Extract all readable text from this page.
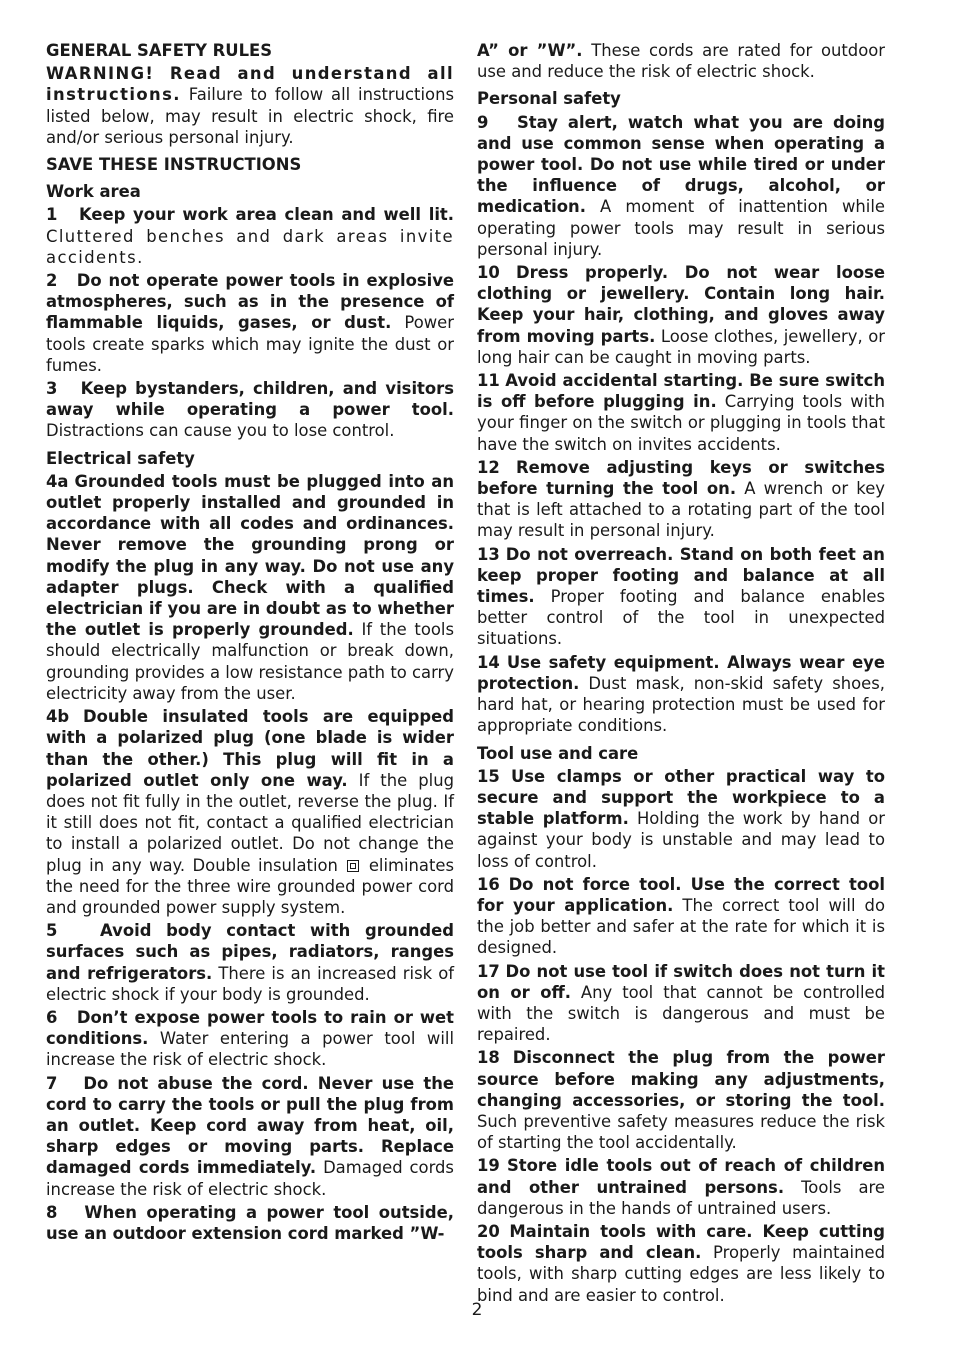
GENERAL SAFETY RULES
WARNING! Read and understand all instructions. Failure to follow all instructions listed below, may result in electric shock, fire and/or serious personal injury.
SAVE THESE INSTRUCTIONS
Work area
1 Keep your work area clean and well lit. Cluttered benches and dark areas invite accidents.
2 Do not operate power tools in explosive atmospheres, such as in the presence of flammable liquids, gases, or dust. Power tools create sparks which may ignite the dust or fumes.
3 Keep bystanders, children, and visitors away while operating a power tool. Distractions can cause you to lose control.
Electrical safety
4a Grounded tools must be plugged into an outlet properly installed and grounded in accordance with all codes and ordinances. Never remove the grounding prong or modify the plug in any way. Do not use any adapter plugs. Check with a qualified electrician if you are in doubt as to whether the outlet is properly grounded. If the tools should electrically malfunction or break down, grounding provides a low resistance path to carry electricity away from the user.
4b Double insulated tools are equipped with a polarized plug (one blade is wider than the other.) This plug will fit in a polarized outlet only one way. If the plug does not fit fully in the outlet, reverse the plug. If it still does not fit, contact a qualified electrician to install a polarized outlet. Do not change the plug in any way. Double insulation eliminates the need for the three wire grounded power cord and grounded power supply system.
5	Avoid body contact with grounded surfaces such as pipes, radiators, ranges and refrigerators. There is an increased risk of electric shock if your body is grounded.
6 Don’t expose power tools to rain or wet conditions. Water entering a power tool will increase the risk of electric shock.
7 Do not abuse the cord. Never use the cord to carry the tools or pull the plug from an outlet. Keep cord away from heat, oil, sharp edges or moving parts. Replace damaged cords immediately. Damaged cords increase the risk of electric shock.
8 When operating a power tool outside, use an outdoor extension cord marked ”W-
A” or ”W”. These cords are rated for outdoor use and reduce the risk of electric shock.
Personal safety
9 Stay alert, watch what you are doing and use common sense when operating a power tool. Do not use while tired or under the influence of drugs, alcohol, or medication. A moment of inattention while operating power tools may result in serious personal injury.
10 Dress properly. Do not wear loose clothing or jewellery. Contain long hair. Keep your hair, clothing, and gloves away from moving parts. Loose clothes, jewellery, or long hair can be caught in moving parts.
11 Avoid accidental starting. Be sure switch is off before plugging in. Carrying tools with your finger on the switch or plugging in tools that have the switch on invites accidents.
12 Remove adjusting keys or switches before turning the tool on. A wrench or key that is left attached to a rotating part of the tool may result in personal injury.
13 Do not overreach. Stand on both feet an keep proper footing and balance at all times. Proper footing and balance enables better control of the tool in unexpected situations.
14 Use safety equipment. Always wear eye protection. Dust mask, non-skid safety shoes, hard hat, or hearing protection must be used for appropriate conditions.
Tool use and care
15 Use clamps or other practical way to secure and support the workpiece to a stable platform. Holding the work by hand or against your body is unstable and may lead to loss of control.
16 Do not force tool. Use the correct tool for your application. The correct tool will do the job better and safer at the rate for which it is designed.
17 Do not use tool if switch does not turn it on or off. Any tool that cannot be controlled with the switch is dangerous and must be repaired.
18 Disconnect the plug from the power source before making any adjustments, changing accessories, or storing the tool. Such preventive safety measures reduce the risk of starting the tool accidentally.
19 Store idle tools out of reach of children and other untrained persons. Tools are dangerous in the hands of untrained users.
20 Maintain tools with care. Keep cutting tools sharp and clean. Properly maintained tools, with sharp cutting edges are less likely to bind and are easier to control.
2
